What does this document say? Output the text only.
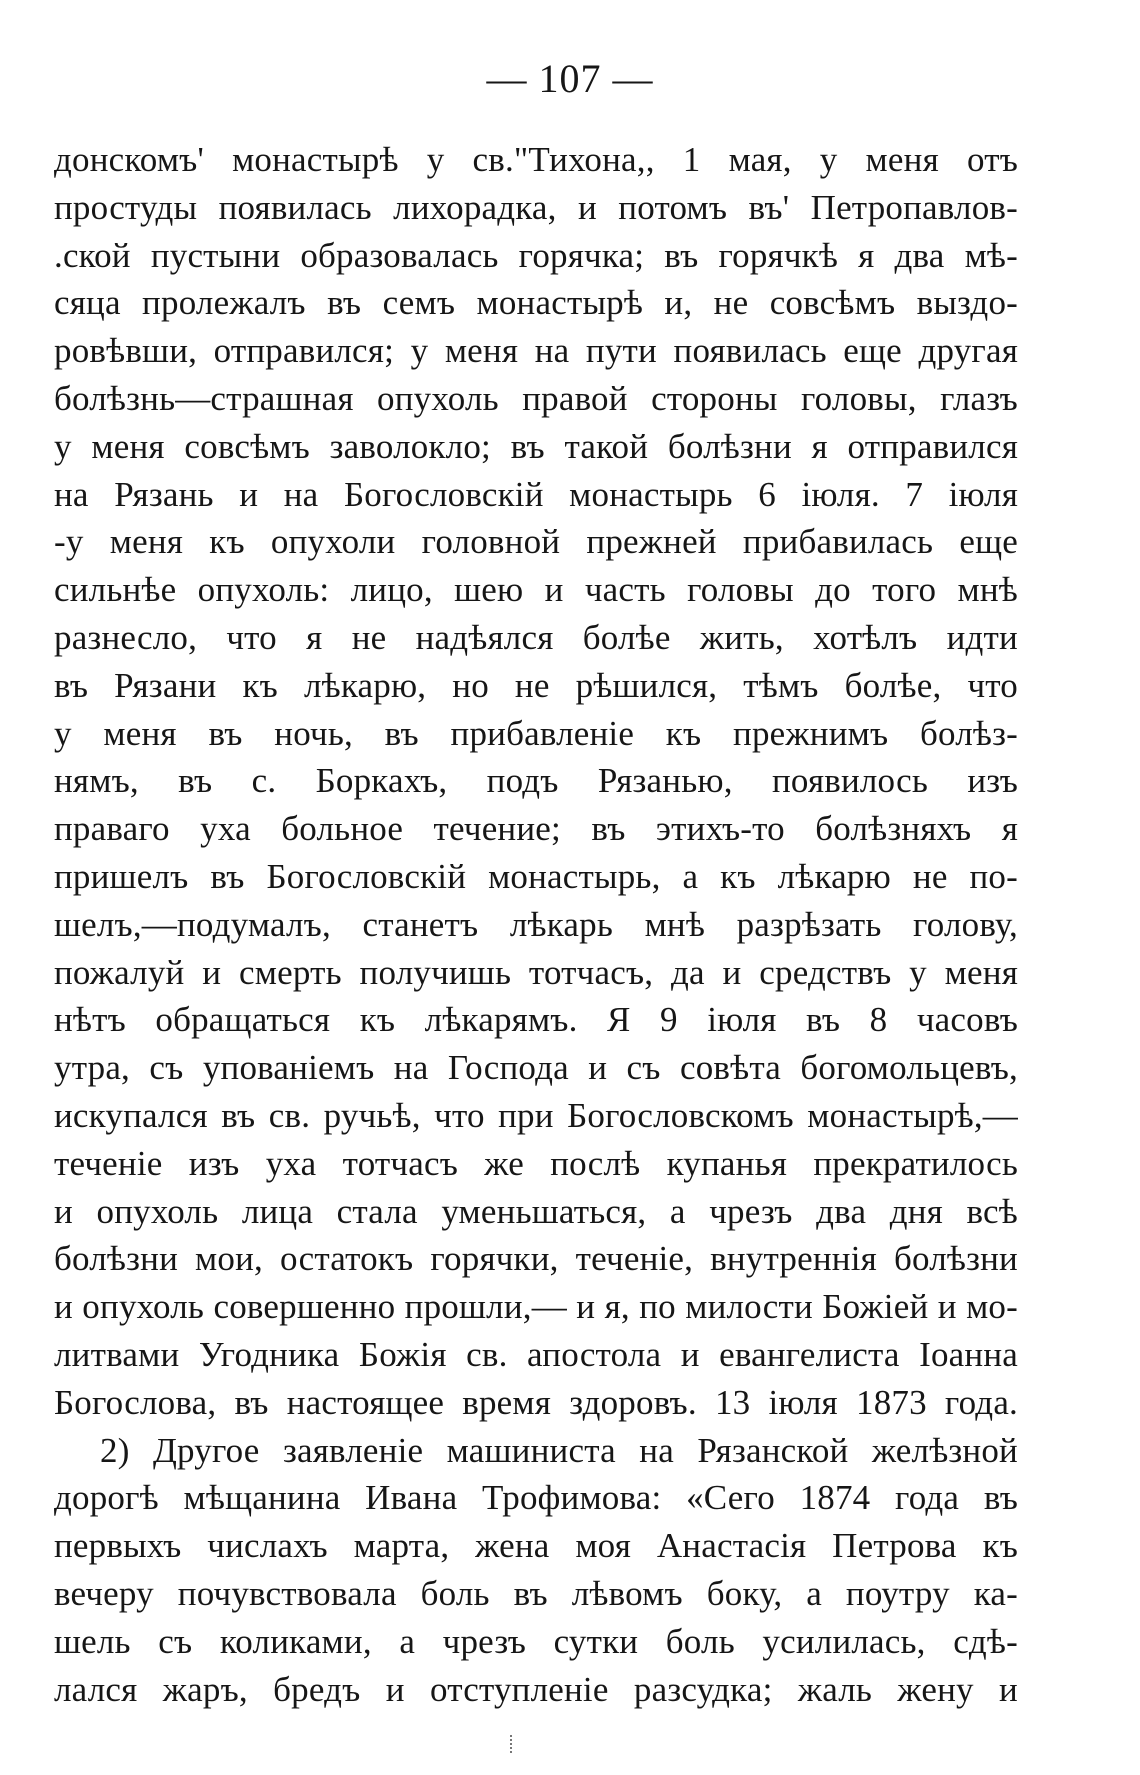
— 107 —
донскомъ' монастырѣ у св."Тихона,, 1 мая, у меня отъ
простуды появилась лихорадка, и потомъ въ' Петропавлов-
.ской пустыни образовалась горячка; въ горячкѣ я два мѣ-
сяца пролежалъ въ семъ монастырѣ и, не совсѣмъ выздо-
ровѣвши, отправился; у меня на пути появилась еще другая
болѣзнь—страшная опухоль правой стороны головы, глазъ
у меня совсѣмъ заволокло; въ такой болѣзни я отправился
на Рязань и на Богословскій монастырь 6 іюля. 7 іюля
-у меня къ опухоли головной прежней прибавилась еще
сильнѣе опухоль: лицо, шею и часть головы до того мнѣ
разнесло, что я не надѣялся болѣе жить, хотѣлъ идти
въ Рязани къ лѣкарю, но не рѣшился, тѣмъ болѣе, что
у меня въ ночь, въ прибавленіе къ прежнимъ болѣз-
нямъ, въ с. Боркахъ, подъ Рязанью, появилось изъ
праваго уха больное течение; въ этихъ-то болѣзняхъ я
пришелъ въ Богословскій монастырь, а къ лѣкарю не по-
шелъ,—подумалъ, станетъ лѣкарь мнѣ разрѣзать голову,
пожалуй и смерть получишь тотчасъ, да и средствъ у меня
нѣтъ обращаться къ лѣкарямъ. Я 9 іюля въ 8 часовъ
утра, съ упованіемъ на Господа и съ совѣта богомольцевъ,
искупался въ св. ручьѣ, что при Богословскомъ монастырѣ,—
теченіе изъ уха тотчасъ же послѣ купанья прекратилось
и опухоль лица стала уменьшаться, а чрезъ два дня всѣ
болѣзни мои, остатокъ горячки, теченіе, внутреннія болѣзни
и опухоль совершенно прошли,— и я, по милости Божіей и мо-
литвами Угодника Божія св. апостола и евангелиста Іоанна
Богослова, въ настоящее время здоровъ. 13 іюля 1873 года.
2) Другое заявленіе машиниста на Рязанской желѣзной
дорогѣ мѣщанина Ивана Трофимова: «Сего 1874 года въ
первыхъ числахъ марта, жена моя Анастасія Петрова къ
вечеру почувствовала боль въ лѣвомъ боку, а поутру ка-
шель съ коликами, а чрезъ сутки боль усилилась, сдѣ-
лался жаръ, бредъ и отступленіе разсудка; жаль жену и
